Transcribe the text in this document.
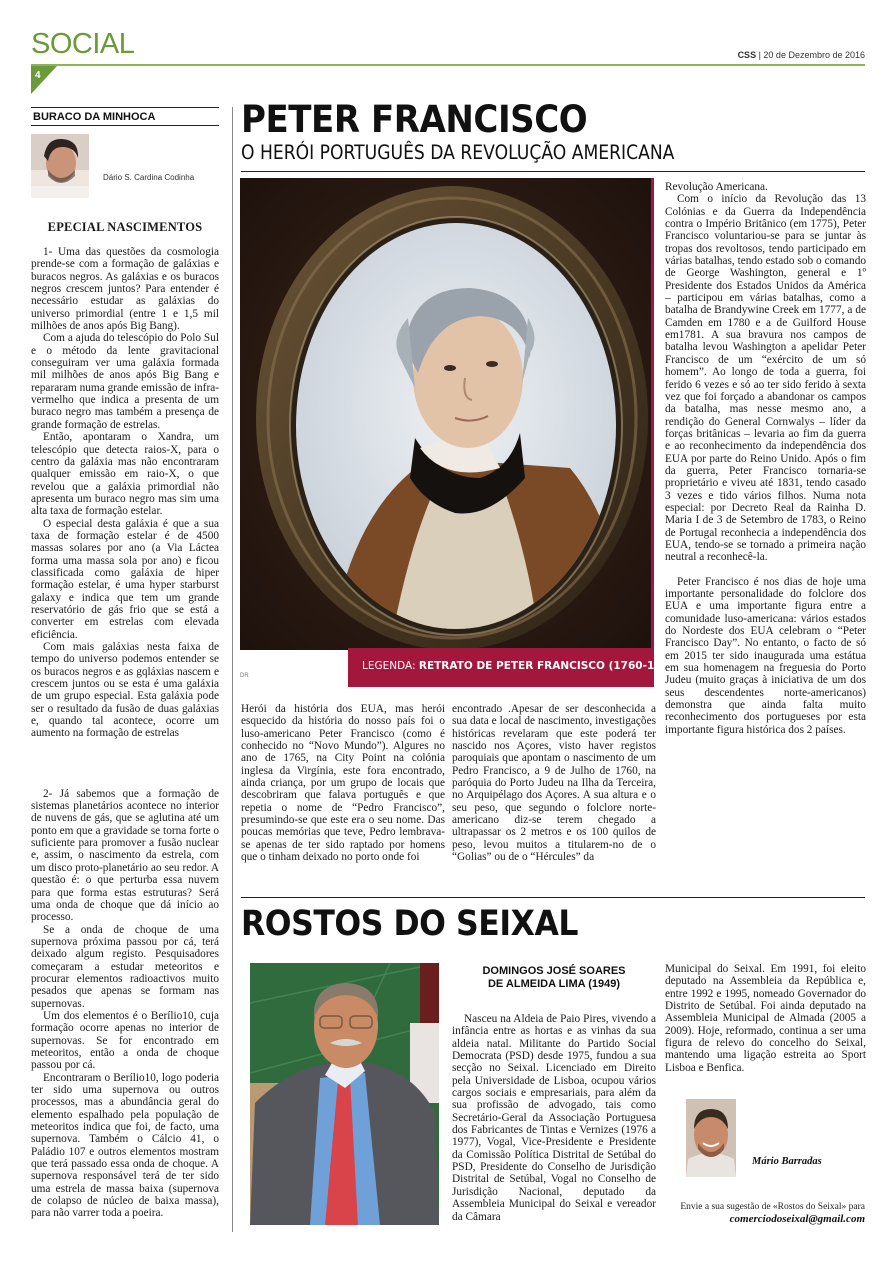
SOCIAL	CSS | 20 de Dezembro de 2016
4
BURACO DA MINHOCA
Dário S. Cardina Codinha
EPECIAL NASCIMENTOS

1- Uma das questões da cosmologia prende-se com a formação de galáxias e buracos negros. As galáxias e os buracos negros crescem juntos? Para entender é necessário estudar as galáxias do universo primordial (entre 1 e 1,5 mil milhões de anos após Big Bang).

Com a ajuda do telescópio do Polo Sul e o método da lente gravitacional conseguiram ver uma galáxia formada mil milhões de anos após Big Bang e repararam numa grande emissão de infra-vermelho que indica a presenta de um buraco negro mas também a presença de grande formação de estrelas.

Então, apontaram o Xandra, um telescópio que detecta raios-X, para o centro da galáxia mas não encontraram qualquer emissão em raio-X, o que revelou que a galáxia primordial não apresenta um buraco negro mas sim uma alta taxa de formação estelar.

O especial desta galáxia é que a sua taxa de formação estelar é de 4500 massas solares por ano (a Via Láctea forma uma massa sola por ano) e ficou classificada como galáxia de hiper formação estelar, é uma hyper starburst galaxy e indica que tem um grande reservatório de gás frio que se está a converter em estrelas com elevada eficiência.

Com mais galáxias nesta faixa de tempo do universo podemos entender se os buracos negros e as gqláxias nascem e crescem juntos ou se esta é uma galáxia de um grupo especial. Esta galáxia pode ser o resultado da fusão de duas galáxias e, quando tal acontece, ocorre um aumento na formação de estrelas

2- Já sabemos que a formação de sistemas planetários acontece no interior de nuvens de gás, que se aglutina até um ponto em que a gravidade se torna forte o suficiente para promover a fusão nuclear e, assim, o nascimento da estrela, com um disco proto-planetário ao seu redor. A questão é: o que perturba essa nuvem para que forma estas estruturas? Será uma onda de choque que dá início ao processo.

Se a onda de choque de uma supernova próxima passou por cá, terá deixado algum registo. Pesquisadores começaram a estudar meteoritos e procurar elementos radioactivos muito pesados que apenas se formam nas supernovas.

Um dos elementos é o Berílio10, cuja formação ocorre apenas no interior de supernovas. Se for encontrado em meteoritos, então a onda de choque passou por cá.

Encontraram o Berílio10, logo poderia ter sido uma supernova ou outros processos, mas a abundância geral do elemento espalhado pela população de meteoritos indica que foi, de facto, uma supernova. Também o Cálcio 41, o Paládio 107 e outros elementos mostram que terá passado essa onda de choque. A supernova responsável terá de ter sido uma estrela de massa baixa (supernova de colapso de núcleo de baixa massa), para não varrer toda a poeira.

PETER FRANCISCO
O HERÓI PORTUGUÊS DA REVOLUÇÃO AMERICANA
LEGENDA: RETRATO DE PETER FRANCISCO (1760-1831)
DR

Herói da história dos EUA, mas herói esquecido da história do nosso país foi o luso-americano Peter Francisco (como é conhecido no “Novo Mundo”). Algures no ano de 1765, na City Point na colónia inglesa da Virgínia, este fora encontrado, ainda criança, por um grupo de locais que descobriram que falava português e que repetia o nome de “Pedro Francisco”, presumindo-se que este era o seu nome. Das poucas memórias que teve, Pedro lembrava-se apenas de ter sido raptado por homens que o tinham deixado no porto onde foi

encontrado .Apesar de ser desconhecida a sua data e local de nascimento, investigações históricas revelaram que este poderá ter nascido nos Açores, visto haver registos paroquiais que apontam o nascimento de um Pedro Francisco, a 9 de Julho de 1760, na paróquia do Porto Judeu na Ilha da Terceira, no Arquipélago dos Açores. A sua altura e o seu peso, que segundo o folclore norte-americano diz-se terem chegado a ultrapassar os 2 metros e os 100 quilos de peso, levou muitos a titularem-no de o “Golias” ou de o “Hércules” da

Revolução Americana.

Com o início da Revolução das 13 Colónias e da Guerra da Independência contra o Império Britânico (em 1775), Peter Francisco voluntariou-se para se juntar às tropas dos revoltosos, tendo participado em várias batalhas, tendo estado sob o comando de George Washington, general e 1º Presidente dos Estados Unidos da América – participou em várias batalhas, como a batalha de Brandywine Creek em 1777, a de Camden em 1780 e a de Guilford House em1781. A sua bravura nos campos de batalha levou Washington a apelidar Peter Francisco de um “exército de um só homem”. Ao longo de toda a guerra, foi ferido 6 vezes e só ao ter sido ferido à sexta vez que foi forçado a abandonar os campos da batalha, mas nesse mesmo ano, a rendição do General Cornwalys – líder da forças britânicas – levaria ao fim da guerra e ao reconhecimento da independência dos EUA por parte do Reino Unido. Após o fim da guerra, Peter Francisco tornaria-se proprietário e viveu até 1831, tendo casado 3 vezes e tido vários filhos. Numa nota especial: por Decreto Real da Rainha D. Maria I de 3 de Setembro de 1783, o Reino de Portugal reconhecia a independência dos EUA, tendo-se se tornado a primeira nação neutral a reconhecê-la.

Peter Francisco é nos dias de hoje uma importante personalidade do folclore dos EUA e uma importante figura entre a comunidade luso-americana: vários estados do Nordeste dos EUA celebram o “Peter Francisco Day”. No entanto, o facto de só em 2015 ter sido inaugurada uma estátua em sua homenagem na freguesia do Porto Judeu (muito graças à iniciativa de um dos seus descendentes norte-americanos) demonstra que ainda falta muito reconhecimento dos portugueses por esta importante figura histórica dos 2 países.

ROSTOS DO SEIXAL
DOMINGOS JOSÉ SOARES
DE ALMEIDA LIMA (1949)

Nasceu na Aldeia de Paio Pires, vivendo a infância entre as hortas e as vinhas da sua aldeia natal. Militante do Partido Social Democrata (PSD) desde 1975, fundou a sua secção no Seixal. Licenciado em Direito pela Universidade de Lisboa, ocupou vários cargos sociais e empresariais, para além da sua profissão de advogado, tais como Secretário-Geral da Associação Portuguesa dos Fabricantes de Tintas e Vernizes (1976 a 1977), Vogal, Vice-Presidente e Presidente da Comissão Política Distrital de Setúbal do PSD, Presidente do Conselho de Jurisdição Distrital de Setúbal, Vogal no Conselho de Jurisdição Nacional, deputado da Assembleia Municipal do Seixal e vereador da Câmara

Municipal do Seixal. Em 1991, foi eleito deputado na Assembleia da República e, entre 1992 e 1995, nomeado Governador do Distrito de Setúbal. Foi ainda deputado na Assembleia Municipal de Almada (2005 a 2009). Hoje, reformado, continua a ser uma figura de relevo do concelho do Seixal, mantendo uma ligação estreita ao Sport Lisboa e Benfica.

Mário Barradas
Envie a sua sugestão de «Rostos do Seixal» para
comerciodoseixal@gmail.com
